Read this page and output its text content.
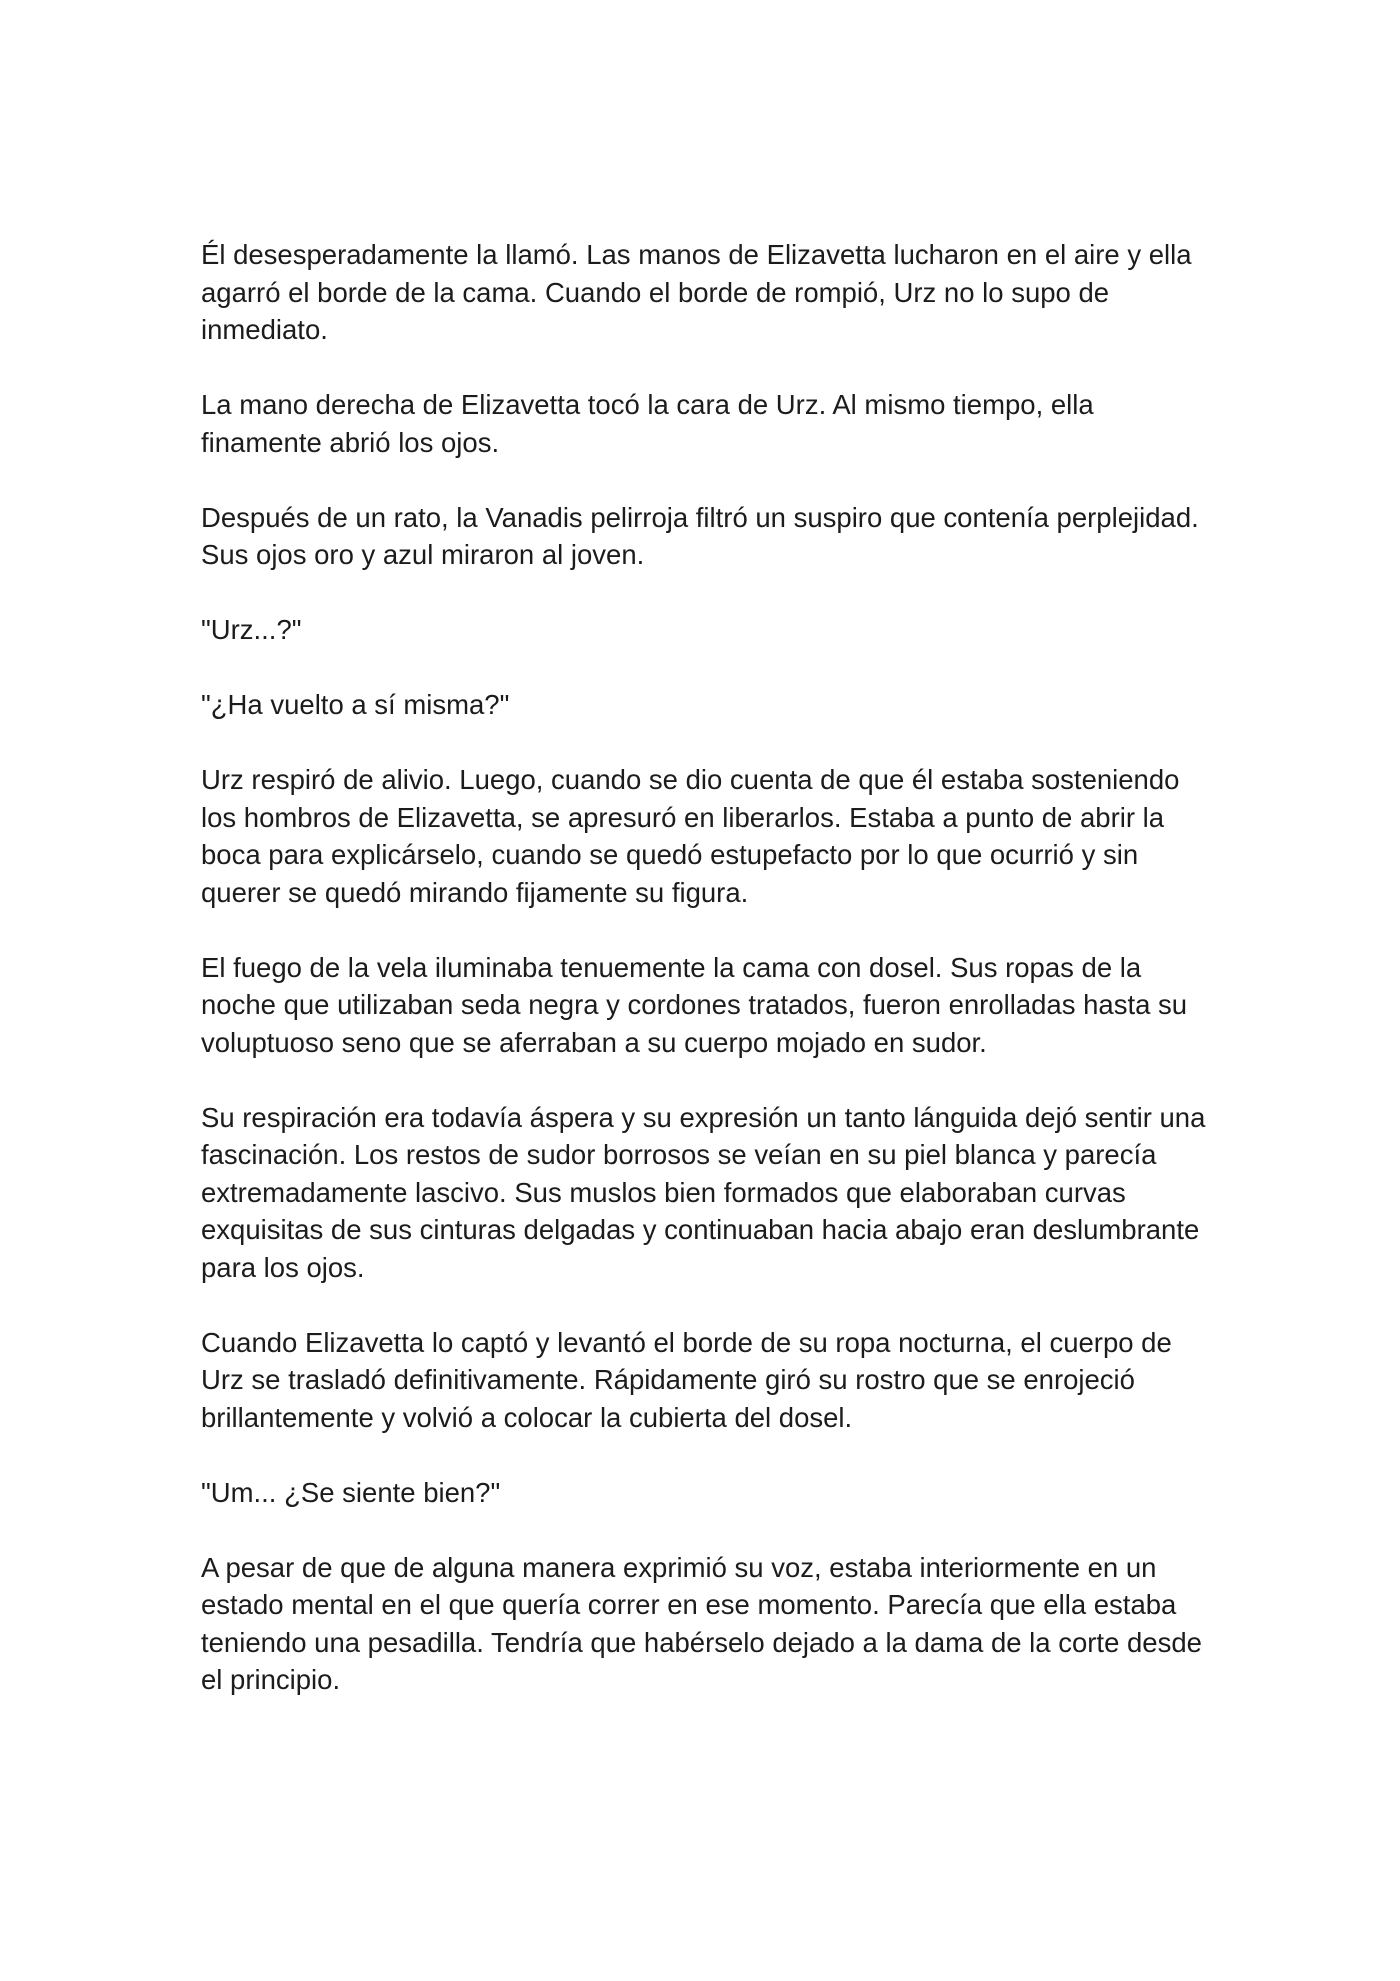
Él desesperadamente la llamó. Las manos de Elizavetta lucharon en el aire y ella agarró el borde de la cama. Cuando el borde de rompió, Urz no lo supo de inmediato.

La mano derecha de Elizavetta tocó la cara de Urz. Al mismo tiempo, ella finamente abrió los ojos.

Después de un rato, la Vanadis pelirroja filtró un suspiro que contenía perplejidad. Sus ojos oro y azul miraron al joven.

"Urz...?"

"¿Ha vuelto a sí misma?"

Urz respiró de alivio. Luego, cuando se dio cuenta de que él estaba sosteniendo los hombros de Elizavetta, se apresuró en liberarlos. Estaba a punto de abrir la boca para explicárselo, cuando se quedó estupefacto por lo que ocurrió y sin querer se quedó mirando fijamente su figura.

El fuego de la vela iluminaba tenuemente la cama con dosel. Sus ropas de la noche que utilizaban seda negra y cordones tratados, fueron enrolladas hasta su voluptuoso seno que se aferraban a su cuerpo mojado en sudor.

Su respiración era todavía áspera y su expresión un tanto lánguida dejó sentir una fascinación. Los restos de sudor borrosos se veían en su piel blanca y parecía extremadamente lascivo. Sus muslos bien formados que elaboraban curvas exquisitas de sus cinturas delgadas y continuaban hacia abajo eran deslumbrante para los ojos.

Cuando Elizavetta lo captó y levantó el borde de su ropa nocturna, el cuerpo de Urz se trasladó definitivamente. Rápidamente giró su rostro que se enrojeció brillantemente y volvió a colocar la cubierta del dosel.

"Um... ¿Se siente bien?"

A pesar de que de alguna manera exprimió su voz, estaba interiormente en un estado mental en el que quería correr en ese momento. Parecía que ella estaba teniendo una pesadilla. Tendría que habérselo dejado a la dama de la corte desde el principio.
